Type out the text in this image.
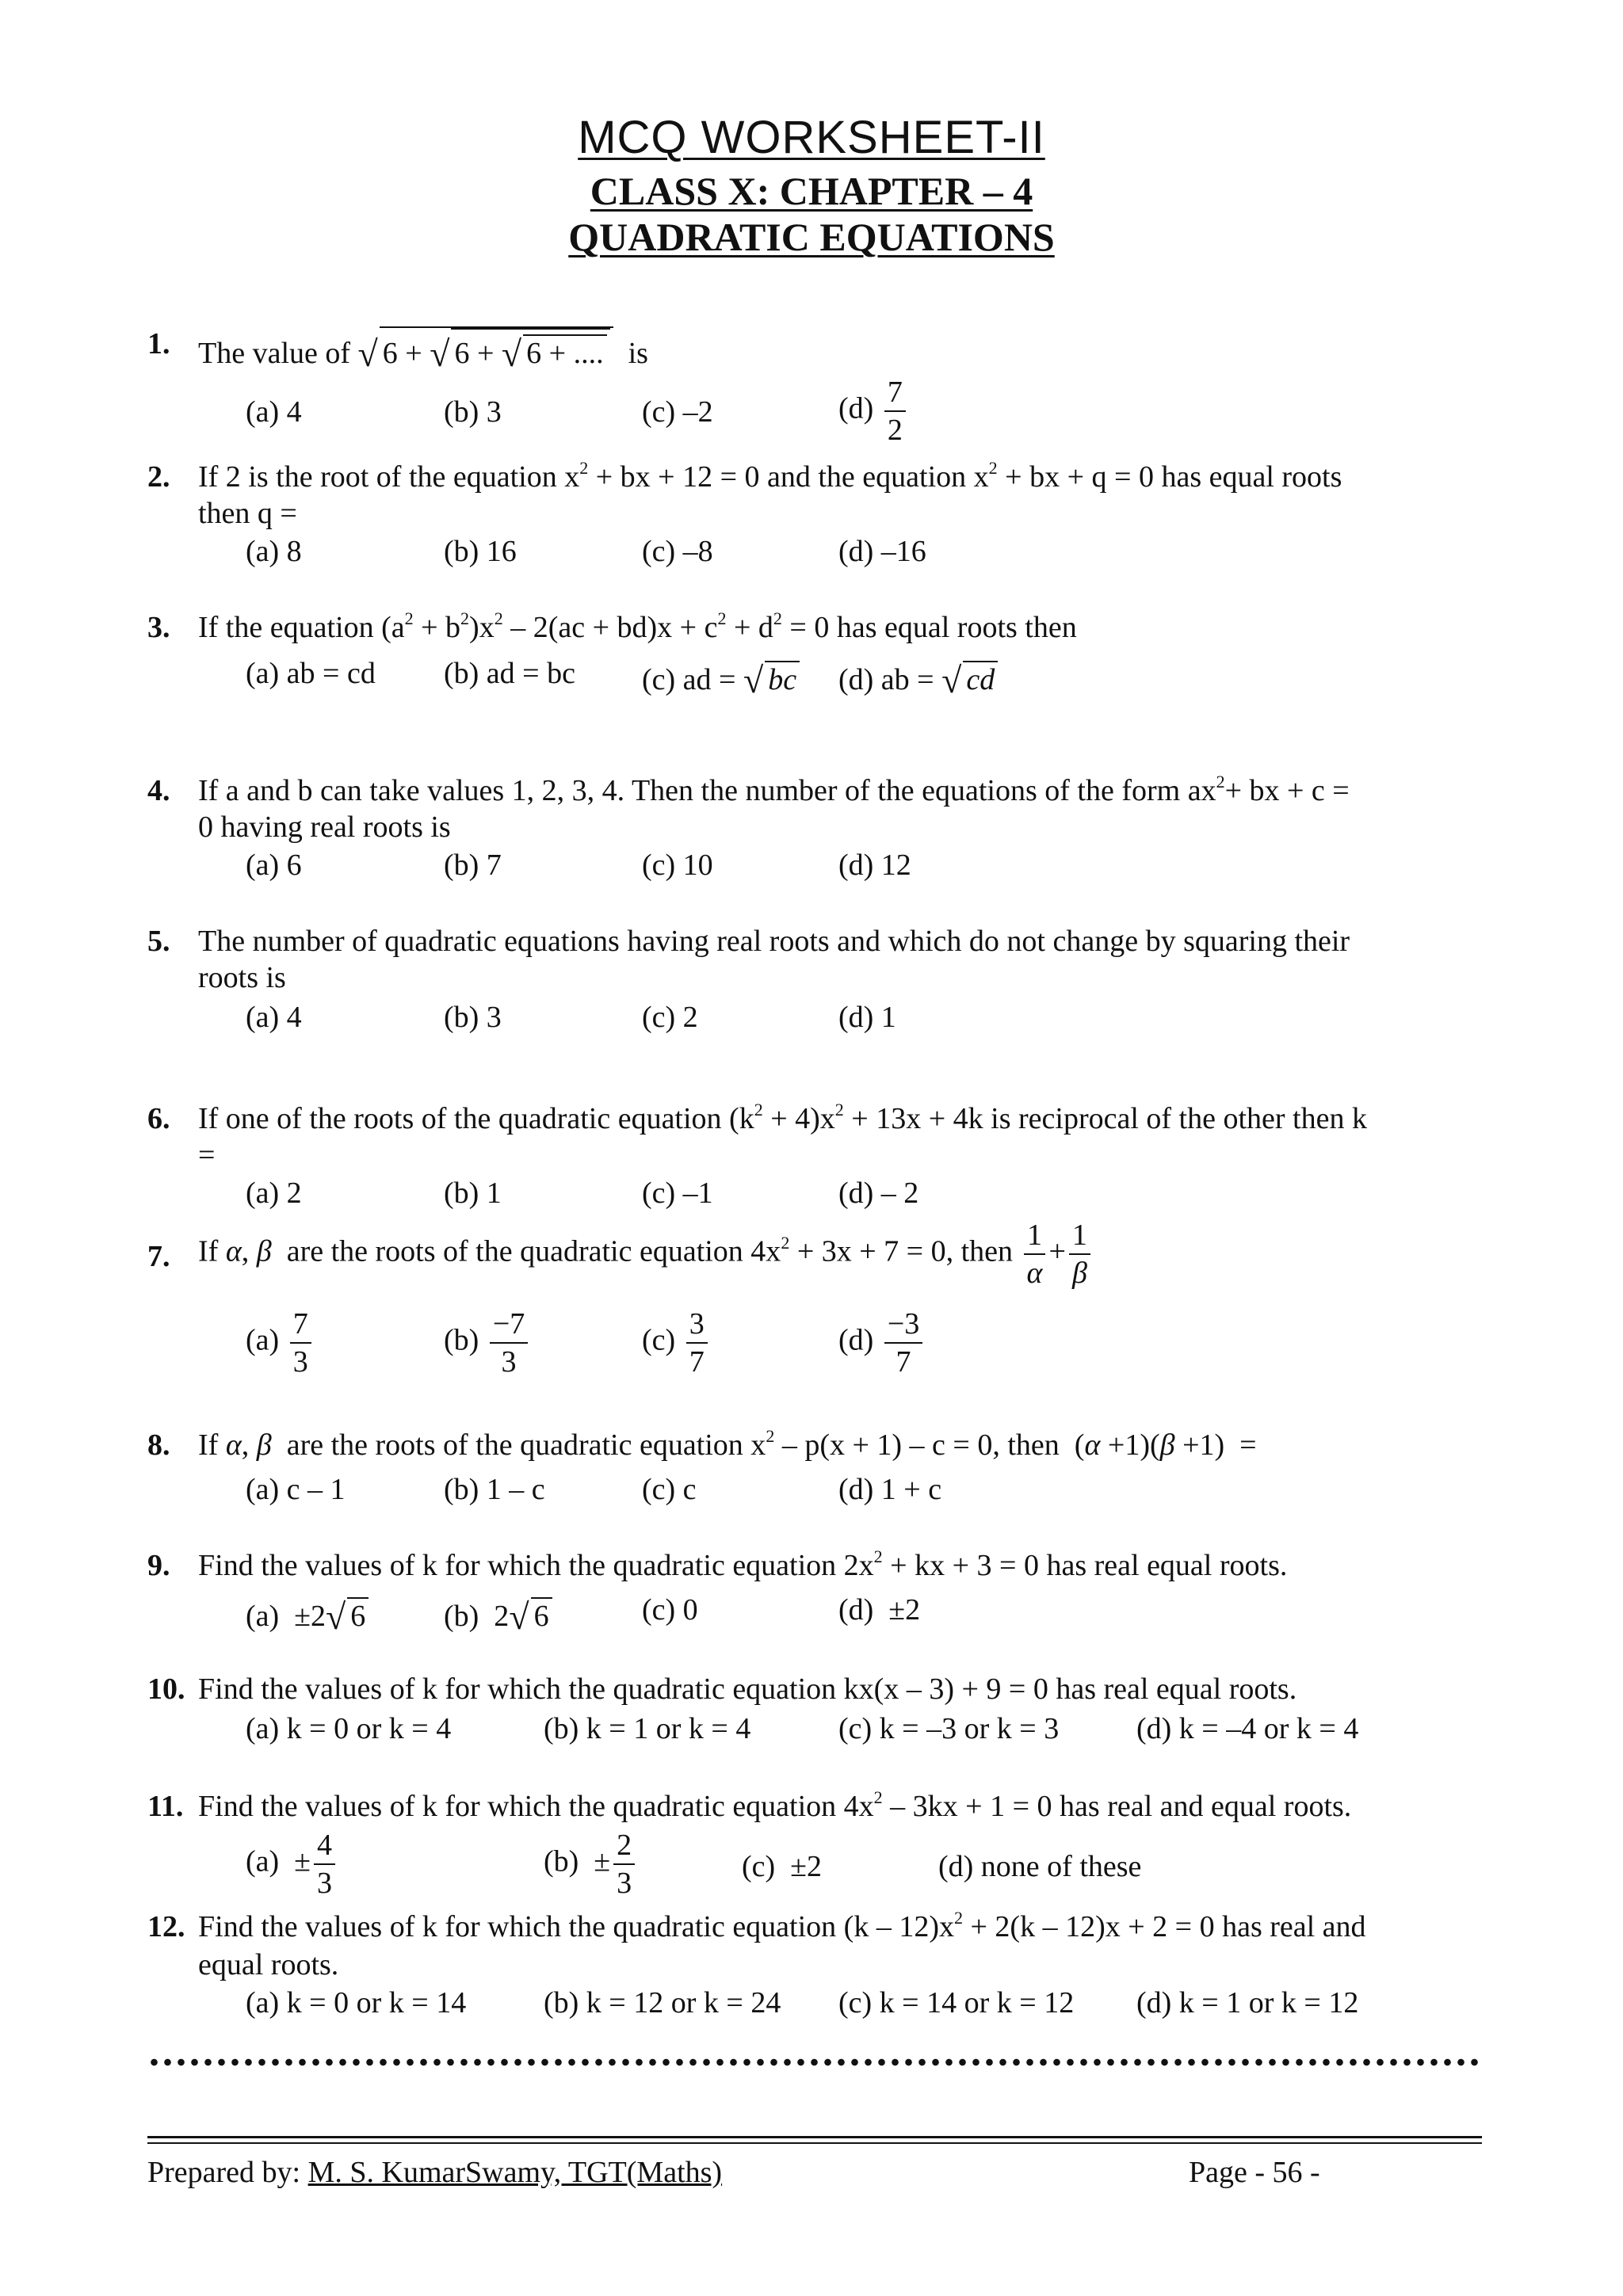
MCQ WORKSHEET-II
CLASS X: CHAPTER – 4
QUADRATIC EQUATIONS
1. The value of √ 6 + √ 6 + √ 6 + ....  is
(a) 4	(b) 3	(c) –2	$(d) \frac{7}{2}$
2. If 2 is the root of the equation $x^2$ + bx + 12 = 0 and the equation $x^2$ + bx + q = 0 has equal roots
then q =
(a) 8	(b) 16	(c) –8	(d) –16
3. If the equation $(a^2 + b^2)x^2 - 2(ac + bd)x + c^2 + d^2 = 0$ has equal roots then
(a) ab = cd (b) ad = bc (c) ad = √ bc (d) ab = √ cd
4. If a and b can take values 1, 2, 3, 4. Then the number of the equations of the form $ax^2+$ bx + c =
0 having real roots is
(a) 6	(b) 7	(c) 10	(d) 12
5. The number of quadratic equations having real roots and which do not change by squaring their
roots is
(a) 4	(b) 3	(c) 2	(d) 1
6. If one of the roots of the quadratic equation $(k^2 + 4)x^2 + 13x + 4k$ is reciprocal of the other then k
=
(a) 2	(b) 1	(c) –1	(d) – 2
7. If α, β  are the roots of the quadratic equation $4x^2 + 3x + 7 = 0$, then $\frac{1}{\alpha} + \frac{1}{\beta}$
$(a) \frac{7}{3}$	$(b) \frac{-7}{3}$	$(c) \frac{3}{7}$	$(d) \frac{-3}{7}$
8. If α, β  are the roots of the quadratic equation $x^2 - p(x + 1) - c = 0$, then  (α +1)(β +1)  =
(a) c – 1	(b) 1 – c	(c) c	(d) 1 + c
9. Find the values of k for which the quadratic equation $2x^2$ + kx + 3 = 0 has real equal roots.
(a)  ±2√ 6	(b)  2√ 6	(c) 0	(d)  ±2
10. Find the values of k for which the quadratic equation kx(x – 3) + 9 = 0 has real equal roots.
(a) k = 0 or k = 4	(b) k = 1 or k = 4	(c) k = –3 or k = 3	(d) k = –4 or k = 4
11. Find the values of k for which the quadratic equation $4x^2 - 3kx + 1 = 0$ has real and equal roots.
$(a) \pm \frac{4}{3}$	$(b) \pm \frac{2}{3}$	(c)  ±2	(d) none of these
12. Find the values of k for which the quadratic equation $(k - 12)x^2 + 2(k - 12)x + 2 = 0$ has real and
equal roots.
(a) k = 0 or k = 14	(b) k = 12 or k = 24 (c) k = 14 or k = 12 (d) k = 1 or k = 12
Prepared by: M. S. KumarSwamy, TGT(Maths)	Page - 56 -
